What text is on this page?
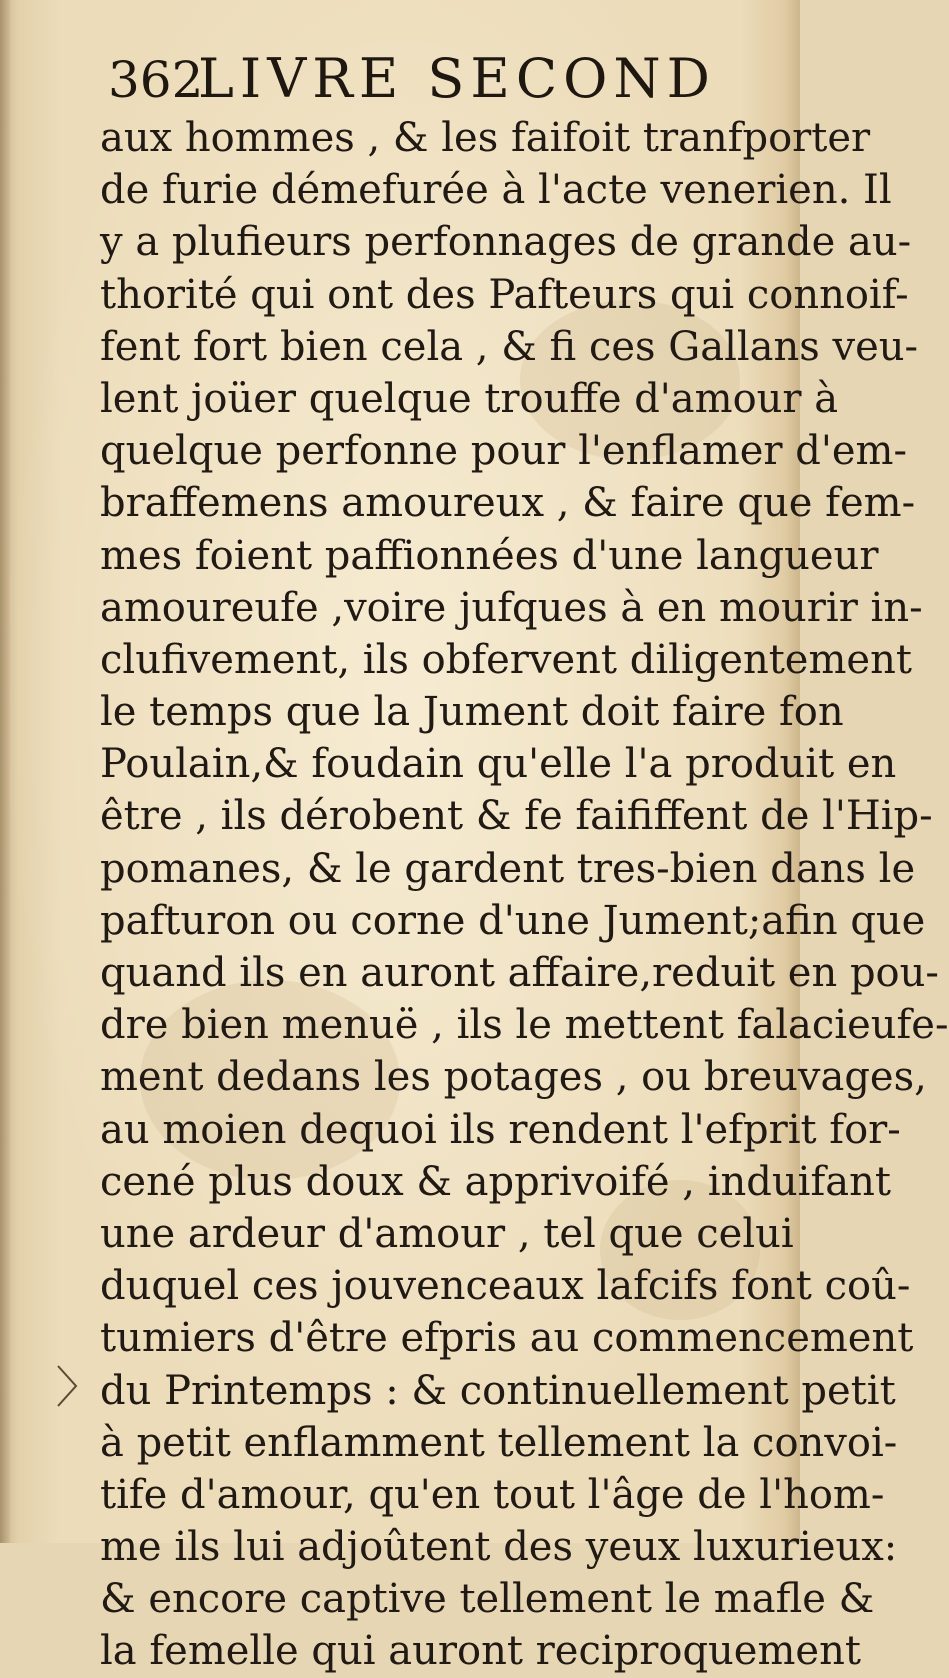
362LIVRE SECOND
aux hommes , & les faifoit tranfporter
de furie démefurée à l'acte venerien. Il
y a plufieurs perfonnages de grande au-
thorité qui ont des Pafteurs qui connoif-
fent fort bien cela , & fi ces Gallans veu-
lent joüer quelque trouffe d'amour à
quelque perfonne pour l'enflamer d'em-
braffemens amoureux , & faire que fem-
mes foient paffionnées d'une langueur
amoureufe ,voire jufques à en mourir in-
clufivement, ils obfervent diligentement
le temps que la Jument doit faire fon
Poulain,& foudain qu'elle l'a produit en
être , ils dérobent & fe faififfent de l'Hip-
pomanes, & le gardent tres-bien dans le
pafturon ou corne d'une Jument;afin que
quand ils en auront affaire,reduit en pou-
dre bien menuë , ils le mettent falacieufe-
ment dedans les potages , ou breuvages,
au moien dequoi ils rendent l'efprit for-
cené plus doux & apprivoifé , induifant
une ardeur d'amour , tel que celui
duquel ces jouvenceaux lafcifs font coû-
tumiers d'être efpris au commencement
du Printemps : & continuellement petit
à petit enflamment tellement la convoi-
tife d'amour, qu'en tout l'âge de l'hom-
me ils lui adjoûtent des yeux luxurieux:
& encore captive tellement le mafle &
la femelle qui auront reciproquement
